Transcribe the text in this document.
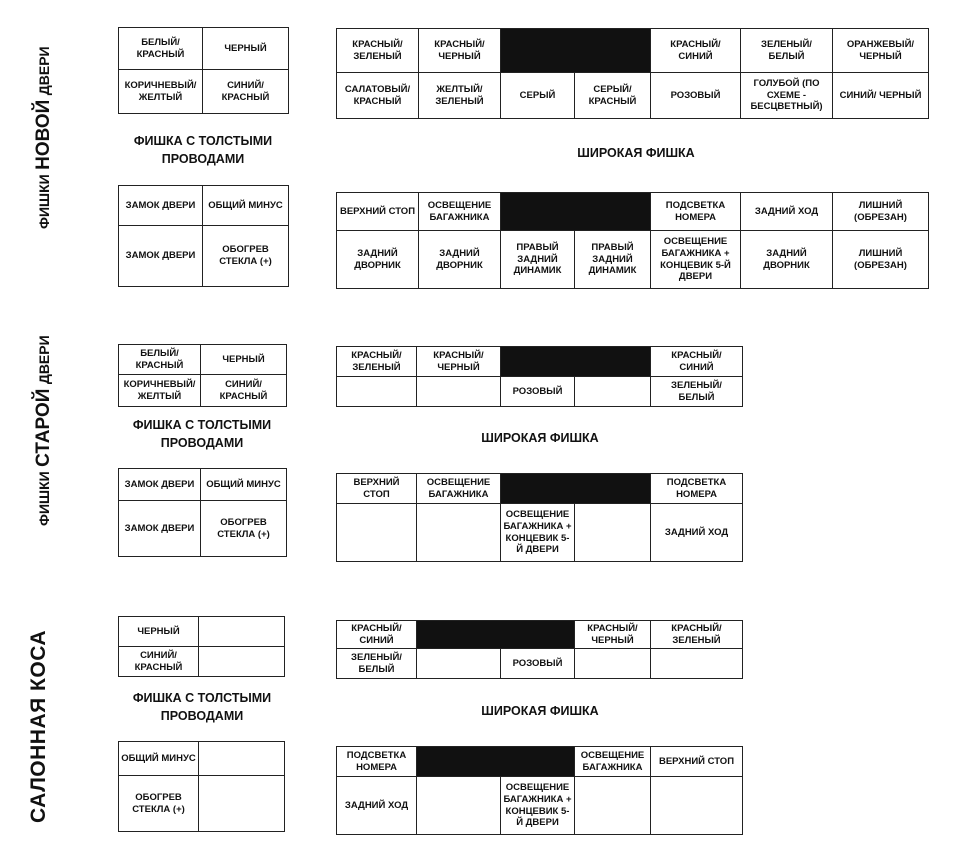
ФИШКИ НОВОЙ ДВЕРИ
ФИШКИ СТАРОЙ ДВЕРИ
САЛОННАЯ КОСА
БЕЛЫЙ/ КРАСНЫЙ	ЧЕРНЫЙ
КОРИЧНЕВЫЙ/ ЖЕЛТЫЙ	СИНИЙ/ КРАСНЫЙ
КРАСНЫЙ/ ЗЕЛЕНЫЙ	КРАСНЫЙ/ ЧЕРНЫЙ			КРАСНЫЙ/ СИНИЙ	ЗЕЛЕНЫЙ/ БЕЛЫЙ	ОРАНЖЕВЫЙ/ ЧЕРНЫЙ
САЛАТОВЫЙ/ КРАСНЫЙ	ЖЕЛТЫЙ/ ЗЕЛЕНЫЙ	СЕРЫЙ	СЕРЫЙ/ КРАСНЫЙ	РОЗОВЫЙ	ГОЛУБОЙ (ПО СХЕМЕ - БЕСЦВЕТНЫЙ)	СИНИЙ/ ЧЕРНЫЙ
ФИШКА С ТОЛСТЫМИ
ПРОВОДАМИ	ШИРОКАЯ ФИШКА
ЗАМОК ДВЕРИ	ОБЩИЙ МИНУС
ЗАМОК ДВЕРИ	ОБОГРЕВ СТЕКЛА (+)
ВЕРХНИЙ СТОП	ОСВЕЩЕНИЕ БАГАЖНИКА			ПОДСВЕТКА НОМЕРА	ЗАДНИЙ ХОД	ЛИШНИЙ (ОБРЕЗАН)
ЗАДНИЙ ДВОРНИК	ЗАДНИЙ ДВОРНИК	ПРАВЫЙ ЗАДНИЙ ДИНАМИК	ПРАВЫЙ ЗАДНИЙ ДИНАМИК	ОСВЕЩЕНИЕ БАГАЖНИКА + КОНЦЕВИК 5-Й ДВЕРИ	ЗАДНИЙ ДВОРНИК	ЛИШНИЙ (ОБРЕЗАН)
БЕЛЫЙ/ КРАСНЫЙ	ЧЕРНЫЙ
КОРИЧНЕВЫЙ/ ЖЕЛТЫЙ	СИНИЙ/ КРАСНЫЙ
КРАСНЫЙ/ ЗЕЛЕНЫЙ	КРАСНЫЙ/ ЧЕРНЫЙ			КРАСНЫЙ/ СИНИЙ
		РОЗОВЫЙ		ЗЕЛЕНЫЙ/ БЕЛЫЙ
ФИШКА С ТОЛСТЫМИ
ПРОВОДАМИ	ШИРОКАЯ ФИШКА
ЗАМОК ДВЕРИ	ОБЩИЙ МИНУС
ЗАМОК ДВЕРИ	ОБОГРЕВ СТЕКЛА (+)
ВЕРХНИЙ СТОП	ОСВЕЩЕНИЕ БАГАЖНИКА			ПОДСВЕТКА НОМЕРА
		ОСВЕЩЕНИЕ БАГАЖНИКА + КОНЦЕВИК 5-Й ДВЕРИ		ЗАДНИЙ ХОД
ЧЕРНЫЙ	
СИНИЙ/ КРАСНЫЙ	
КРАСНЫЙ/ СИНИЙ			КРАСНЫЙ/ ЧЕРНЫЙ	КРАСНЫЙ/ ЗЕЛЕНЫЙ
ЗЕЛЕНЫЙ/ БЕЛЫЙ		РОЗОВЫЙ		
ФИШКА С ТОЛСТЫМИ
ПРОВОДАМИ	ШИРОКАЯ ФИШКА
ОБЩИЙ МИНУС	
ОБОГРЕВ СТЕКЛА (+)	
ПОДСВЕТКА НОМЕРА			ОСВЕЩЕНИЕ БАГАЖНИКА	ВЕРХНИЙ СТОП
ЗАДНИЙ ХОД		ОСВЕЩЕНИЕ БАГАЖНИКА + КОНЦЕВИК 5-Й ДВЕРИ		
